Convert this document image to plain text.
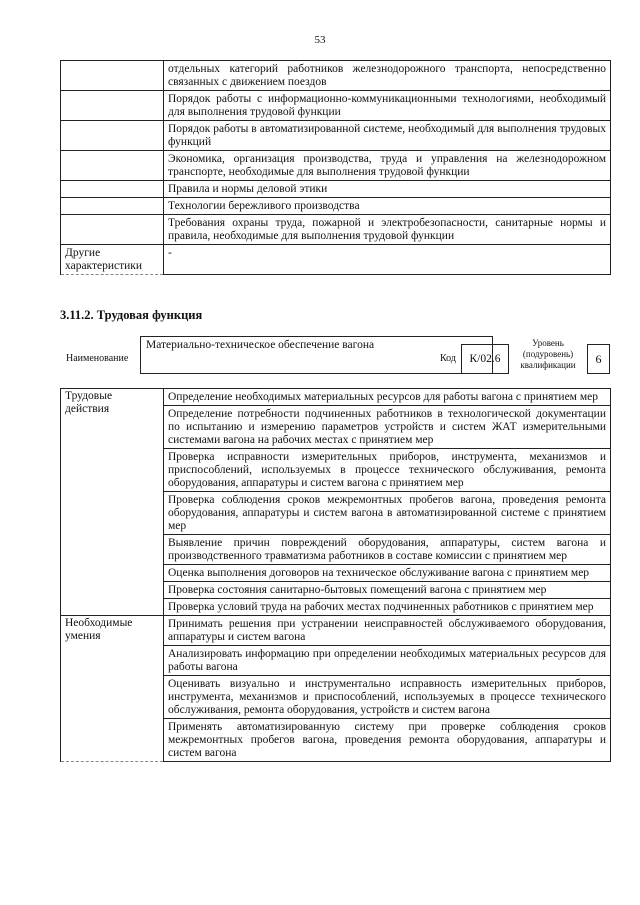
53
	отдельных категорий работников железнодорожного транспорта, непосредственно связанных с движением поездов
	Порядок работы с информационно-коммуникационными технологиями, необходимый для выполнения трудовой функции
	Порядок работы в автоматизированной системе, необходимый для выполнения трудовых функций
	Экономика, организация производства, труда и управления на железнодорожном транспорте, необходимые для выполнения трудовой функции
	Правила и нормы деловой этики
	Технологии бережливого производства
	Требования охраны труда, пожарной и электробезопасности, санитарные нормы и правила, необходимые для выполнения трудовой функции
Другие характеристики	-
3.11.2. Трудовая функция
Наименование
Материально-техническое обеспечение вагона
Код	К/02.6
Уровень (подуровень) квалификации	6
Трудовые действия	Определение необходимых материальных ресурсов для работы вагона с принятием мер
	Определение потребности подчиненных работников в технологической документации по испытанию и измерению параметров устройств и систем ЖАТ измерительными системами вагона на рабочих местах с принятием мер
	Проверка исправности измерительных приборов, инструмента, механизмов и приспособлений, используемых в процессе технического обслуживания, ремонта оборудования, аппаратуры и систем вагона с принятием мер
	Проверка соблюдения сроков межремонтных пробегов вагона, проведения ремонта оборудования, аппаратуры и систем вагона в автоматизированной системе с принятием мер
	Выявление причин повреждений оборудования, аппаратуры, систем вагона и производственного травматизма работников в составе комиссии с принятием мер
	Оценка выполнения договоров на техническое обслуживание вагона с принятием мер
	Проверка состояния санитарно-бытовых помещений вагона с принятием мер
	Проверка условий труда на рабочих местах подчиненных работников с принятием мер
Необходимые умения	Принимать решения при устранении неисправностей обслуживаемого оборудования, аппаратуры и систем вагона
	Анализировать информацию при определении необходимых материальных ресурсов для работы вагона
	Оценивать визуально и инструментально исправность измерительных приборов, инструмента, механизмов и приспособлений, используемых в процессе технического обслуживания, ремонта оборудования, устройств и систем вагона
	Применять автоматизированную систему при проверке соблюдения сроков межремонтных пробегов вагона, проведения ремонта оборудования, аппаратуры и систем вагона
